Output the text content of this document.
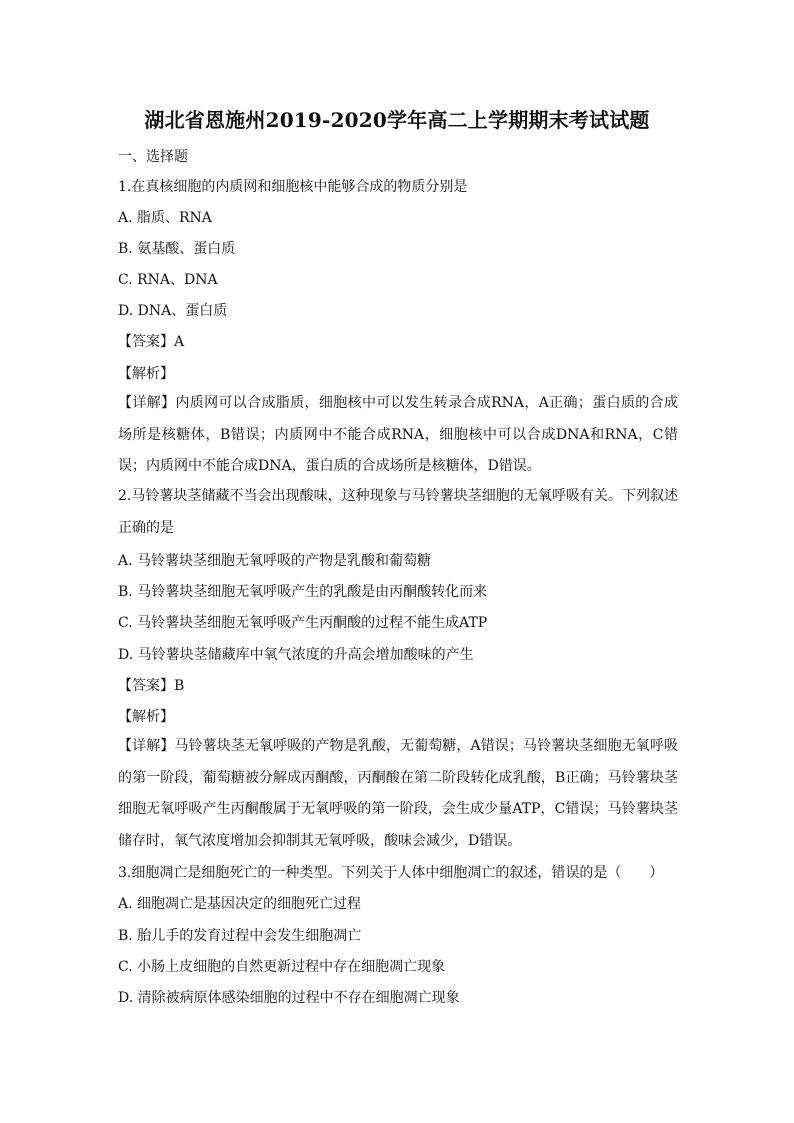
湖北省恩施州2019-2020学年高二上学期期末考试试题
一、选择题
1.在真核细胞的内质网和细胞核中能够合成的物质分别是
A. 脂质、RNA
B. 氨基酸、蛋白质
C. RNA、DNA
D. DNA、蛋白质
【答案】A
【解析】
【详解】内质网可以合成脂质，细胞核中可以发生转录合成RNA，A正确；蛋白质的合成场所是核糖体，B错误；内质网中不能合成RNA，细胞核中可以合成DNA和RNA，C错误；内质网中不能合成DNA，蛋白质的合成场所是核糖体，D错误。
2.马铃薯块茎储藏不当会出现酸味，这种现象与马铃薯块茎细胞的无氧呼吸有关。下列叙述正确的是
A. 马铃薯块茎细胞无氧呼吸的产物是乳酸和葡萄糖
B. 马铃薯块茎细胞无氧呼吸产生的乳酸是由丙酮酸转化而来
C. 马铃薯块茎细胞无氧呼吸产生丙酮酸的过程不能生成ATP
D. 马铃薯块茎储藏库中氧气浓度的升高会增加酸味的产生
【答案】B
【解析】
【详解】马铃薯块茎无氧呼吸的产物是乳酸，无葡萄糖，A错误；马铃薯块茎细胞无氧呼吸的第一阶段，葡萄糖被分解成丙酮酸，丙酮酸在第二阶段转化成乳酸，B正确；马铃薯块茎细胞无氧呼吸产生丙酮酸属于无氧呼吸的第一阶段，会生成少量ATP，C错误；马铃薯块茎储存时，氧气浓度增加会抑制其无氧呼吸，酸味会减少，D错误。
3.细胞凋亡是细胞死亡的一种类型。下列关于人体中细胞凋亡的叙述，错误的是（　　）
A. 细胞凋亡是基因决定的细胞死亡过程
B. 胎儿手的发育过程中会发生细胞凋亡
C. 小肠上皮细胞的自然更新过程中存在细胞凋亡现象
D. 清除被病原体感染细胞的过程中不存在细胞凋亡现象
